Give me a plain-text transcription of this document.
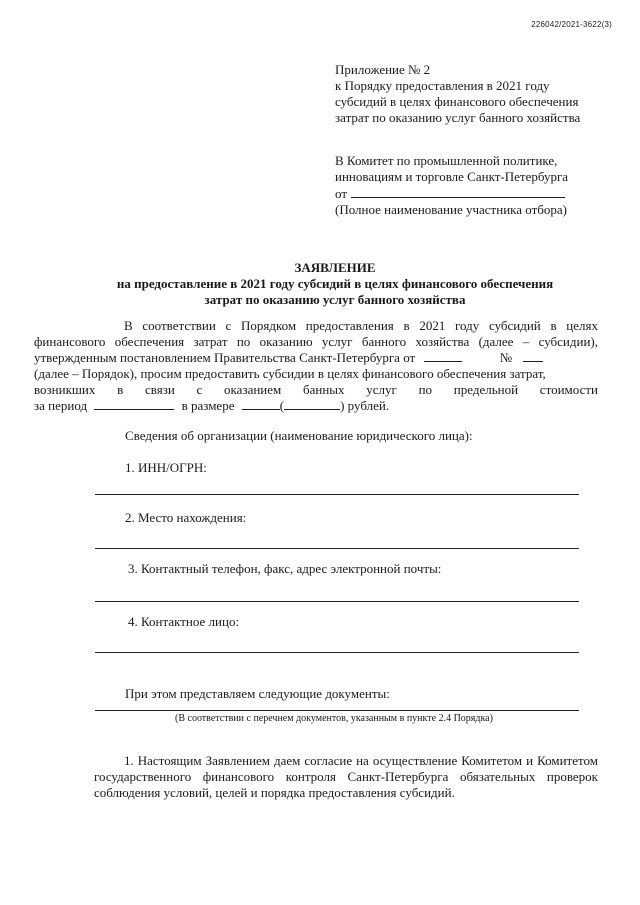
226042/2021-3622(3)
Приложение № 2
к Порядку предоставления в 2021 году
субсидий в целях финансового обеспечения
затрат по оказанию услуг банного хозяйства
В Комитет по промышленной политике,
инновациям и торговле Санкт-Петербурга
от
(Полное наименование участника отбора)
ЗАЯВЛЕНИЕ
на предоставление в 2021 году субсидий в целях финансового обеспечения
затрат по оказанию услуг банного хозяйства
В соответствии с Порядком предоставления в 2021 году субсидий в целях
финансового обеспечения затрат по оказанию услуг банного хозяйства (далее – субсидии),
утвержденным постановлением Правительства Санкт-Петербурга от	№
(далее – Порядок), просим предоставить субсидии в целях финансового обеспечения затрат,
возникших в связи с оказанием банных услуг по предельной стоимости
за период	в размере	(	) рублей.
Сведения об организации (наименование юридического лица):
1. ИНН/ОГРН:
2. Место нахождения:
3. Контактный телефон, факс, адрес электронной почты:
4. Контактное лицо:
При этом представляем следующие документы:
(В соответствии с перечнем документов, указанным в пункте 2.4 Порядка)
1. Настоящим Заявлением даем согласие на осуществление Комитетом и Комитетом
государственного финансового контроля Санкт-Петербурга обязательных проверок
соблюдения условий, целей и порядка предоставления субсидий.
